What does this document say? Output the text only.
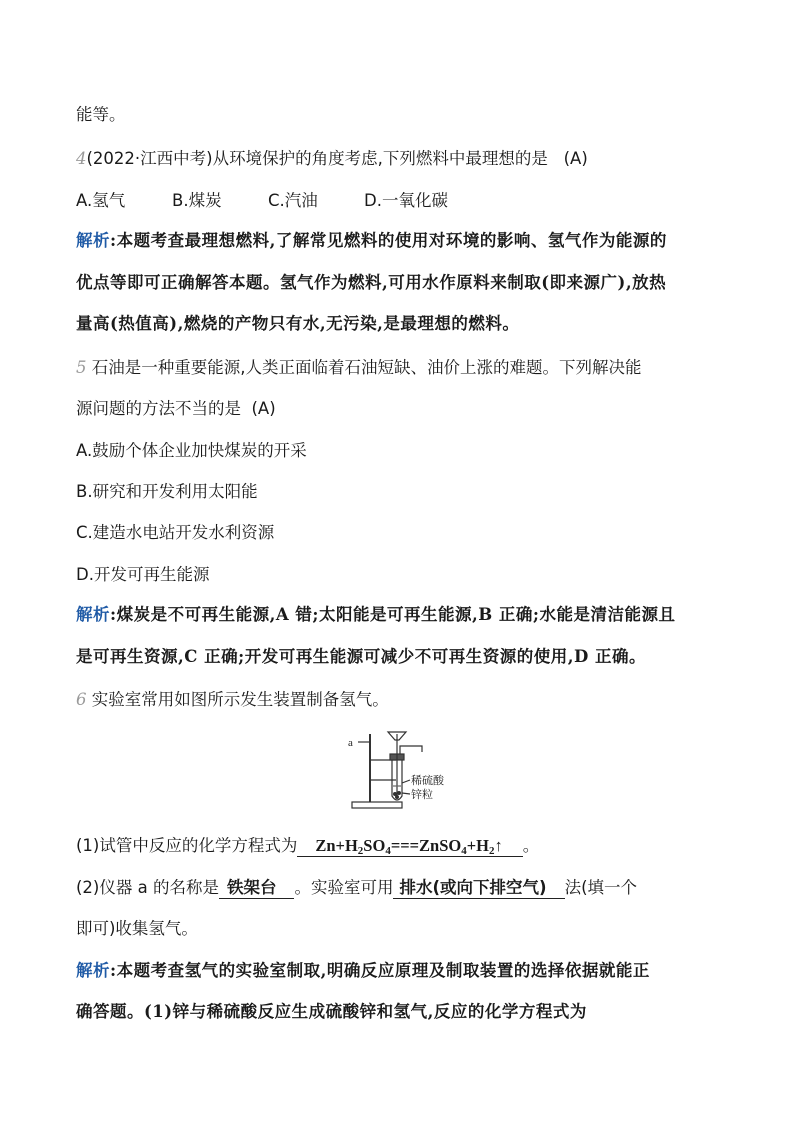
能等。
4(2022·江西中考)从环境保护的角度考虑,下列燃料中最理想的是 (A)
A.氢气	B.煤炭	C.汽油	D.一氧化碳
解析:本题考查最理想燃料,了解常见燃料的使用对环境的影响、氢气作为能源的
优点等即可正确解答本题。氢气作为燃料,可用水作原料来制取(即来源广),放热
量高(热值高),燃烧的产物只有水,无污染,是最理想的燃料。
5 石油是一种重要能源,人类正面临着石油短缺、油价上涨的难题。下列解决能
源问题的方法不当的是 (A)
A.鼓励个体企业加快煤炭的开采
B.研究和开发利用太阳能
C.建造水电站开发水利资源
D.开发可再生能源
解析:煤炭是不可再生能源,A 错;太阳能是可再生能源,B 正确;水能是清洁能源且
是可再生资源,C 正确;开发可再生能源可减少不可再生资源的使用,D 正确。
6 实验室常用如图所示发生装置制备氢气。
a
稀硫酸
锌粒
(1)试管中反应的化学方程式为 $Zn+H_2SO_4===ZnSO_4+H_2↑$ 。
(2)仪器 a 的名称是 铁架台 。实验室可用 排水(或向下排空气) 法(填一个
即可)收集氢气。
解析:本题考查氢气的实验室制取,明确反应原理及制取装置的选择依据就能正
确答题。(1)锌与稀硫酸反应生成硫酸锌和氢气,反应的化学方程式为
